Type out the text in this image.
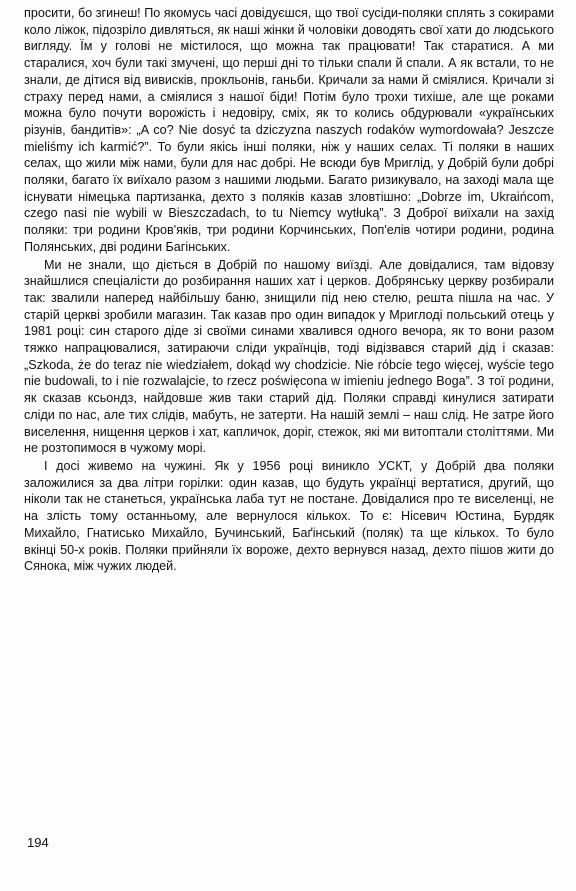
просити, бо згинеш! По якомусь часі довідуєшся, що твої сусіди-поляки сплять з сокирами коло ліжок, підозріло дивляться, як наші жінки й чоловіки доводять свої хати до людського вигляду. Їм у голові не містилося, що можна так працювати! Так старатися. А ми старалися, хоч були такі змучені, що перші дні то тільки спали й спали. А як встали, то не знали, де дітися від вивисків, прокльонів, ганьби. Кричали за нами й сміялися. Кричали зі страху перед нами, а сміялися з нашої біди! Потім було трохи тихіше, але ще роками можна було почути ворожість і недовіру, сміх, як то колись обдурювали «українських різунів, бандитів»: „A co? Nie dosyć ta dziczyzna naszych rodaków wymordowała? Jeszcze mieliśmy ich karmić?”. То були якісь інші поляки, ніж у наших селах. Ті поляки в наших селах, що жили між нами, були для нас добрі. Не всюди був Мриглід, у Добрій були добрі поляки, багато їх виїхало разом з нашими людьми. Багато ризикувало, на заході мала ще існувати німецька партизанка, дехто з поляків казав зловтішно: „Dobrze im, Ukraińcom, czego nasi nie wybili w Bieszczadach, to tu Niemcy wytłuką”. З Доброї виїхали на захід поляки: три родини Кров'яків, три родини Корчинських, Поп'елів чотири родини, родина Полянських, дві родини Багінських.

Ми не знали, що діється в Добрій по нашому виїзді. Але довідалися, там відовзу знайшлися спеціалісти до розбирання наших хат і церков. Добрянську церкву розбирали так: звалили наперед найбільшу баню, знищили під нею стелю, решта пішла на час. У старій церкві зробили магазин. Так казав про один випадок у Мриглоді польський отець у 1981 році: син старого діде зі своїми синами хвалився одного вечора, як то вони разом тяжко напрацювалися, затираючи сліди українців, тоді відізвався старий дід і сказав: „Szkoda, że do teraz nie wiedziałem, dokąd wy chodzicie. Nie róbcie tego więcej, wyście tego nie budowali, to i nie rozwalajcie, to rzecz poświęcona w imieniu jednego Boga”. З тої родини, як сказав ксьондз, найдовше жив таки старий дід. Поляки справді кинулися затирати сліди по нас, але тих слідів, мабуть, не затерти. На нашій землі – наш слід. Не затре його виселення, нищення церков і хат, капличок, доріг, стежок, які ми витоптали століттями. Ми не розтопимося в чужому морі.

І досі живемо на чужині. Як у 1956 році виникло УСКТ, у Добрій два поляки заложилися за два літри горілки: один казав, що будуть українці вертатися, другий, що ніколи так не станеться, українська лаба тут не постане. Довідалися про те виселенці, не на злість тому останньому, але вернулося кількох. То є: Нісевич Юстина, Бурдяк Михайло, Гнатисько Михайло, Бучинський, Баґінський (поляк) та ще кількох. То було вкінці 50-х років. Поляки прийняли їх вороже, дехто вернувся назад, дехто пішов жити до Сянока, між чужих людей.

194
